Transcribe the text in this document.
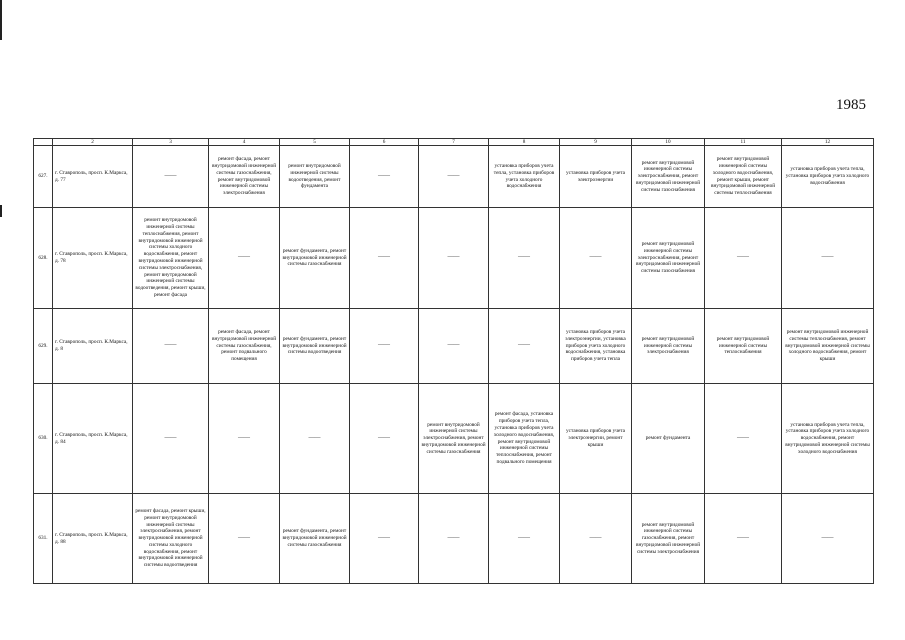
1985
	2	3	4	5	6	7	8	9	10	11	12
627.	г. Ставрополь, просп. К.Маркса, д. 77	——	ремонт фасада, ремонт внутридомовой инженерной системы газоснабжения, ремонт внутридомовой инженерной системы электроснабжения	ремонт внутридомовой инженерной системы водоотведения, ремонт фундамента	——	——	установка приборов учета тепла, установка приборов учета холодного водоснабжения	установка приборов учета электроэнергии	ремонт внутридомовой инженерной системы электроснабжения, ремонт внутридомовой инженерной системы газоснабжения	ремонт внутридомовой инженерной системы холодного водоснабжения, ремонт крыши, ремонт внутридомовой инженерной системы теплоснабжения	установка приборов учета тепла, установка приборов учета холодного водоснабжения
628.	г. Ставрополь, просп. К.Маркса, д. 78	ремонт внутридомовой инженерной системы теплоснабжения, ремонт внутридомовой инженерной системы холодного водоснабжения, ремонт внутридомовой инженерной системы электроснабжения, ремонт внутридомовой инженерной системы водоотведения, ремонт крыши, ремонт фасада	——	ремонт фундамента, ремонт внутридомовой инженерной системы газоснабжения	——	——	——	——	ремонт внутридомовой инженерной системы электроснабжения, ремонт внутридомовой инженерной системы газоснабжения	——	——
629.	г. Ставрополь, просп. К.Маркса, д. 8	——	ремонт фасада, ремонт внутридомовой инженерной системы газоснабжения, ремонт подвального помещения	ремонт фундамента, ремонт внутридомовой инженерной системы водоотведения	——	——	——	установка приборов учета электроэнергии, установка приборов учета холодного водоснабжения, установка приборов учета тепла	ремонт внутридомовой инженерной системы электроснабжения	ремонт внутридомовой инженерной системы теплоснабжения	ремонт внутридомовой инженерной системы теплоснабжения, ремонт внутридомовой инженерной системы холодного водоснабжения, ремонт крыши
630.	г. Ставрополь, просп. К.Маркса, д. 84	——	——	——	——	ремонт внутридомовой инженерной системы электроснабжения, ремонт внутридомовой инженерной системы газоснабжения	ремонт фасада, установка приборов учета тепла, установка приборов учета холодного водоснабжения, ремонт внутридомовой инженерной системы теплоснабжения, ремонт подвального помещения	установка приборов учета электроэнергии, ремонт крыши	ремонт фундамента	——	установка приборов учета тепла, установка приборов учета холодного водоснабжения, ремонт внутридомовой инженерной системы холодного водоснабжения
631.	г. Ставрополь, просп. К.Маркса, д. 88	ремонт фасада, ремонт крыши, ремонт внутридомовой инженерной системы электроснабжения, ремонт внутридомовой инженерной системы холодного водоснабжения, ремонт внутридомовой инженерной системы водоотведения	——	ремонт фундамента, ремонт внутридомовой инженерной системы газоснабжения	——	——	——	——	ремонт внутридомовой инженерной системы газоснабжения, ремонт внутридомовой инженерной системы электроснабжения	——	——
